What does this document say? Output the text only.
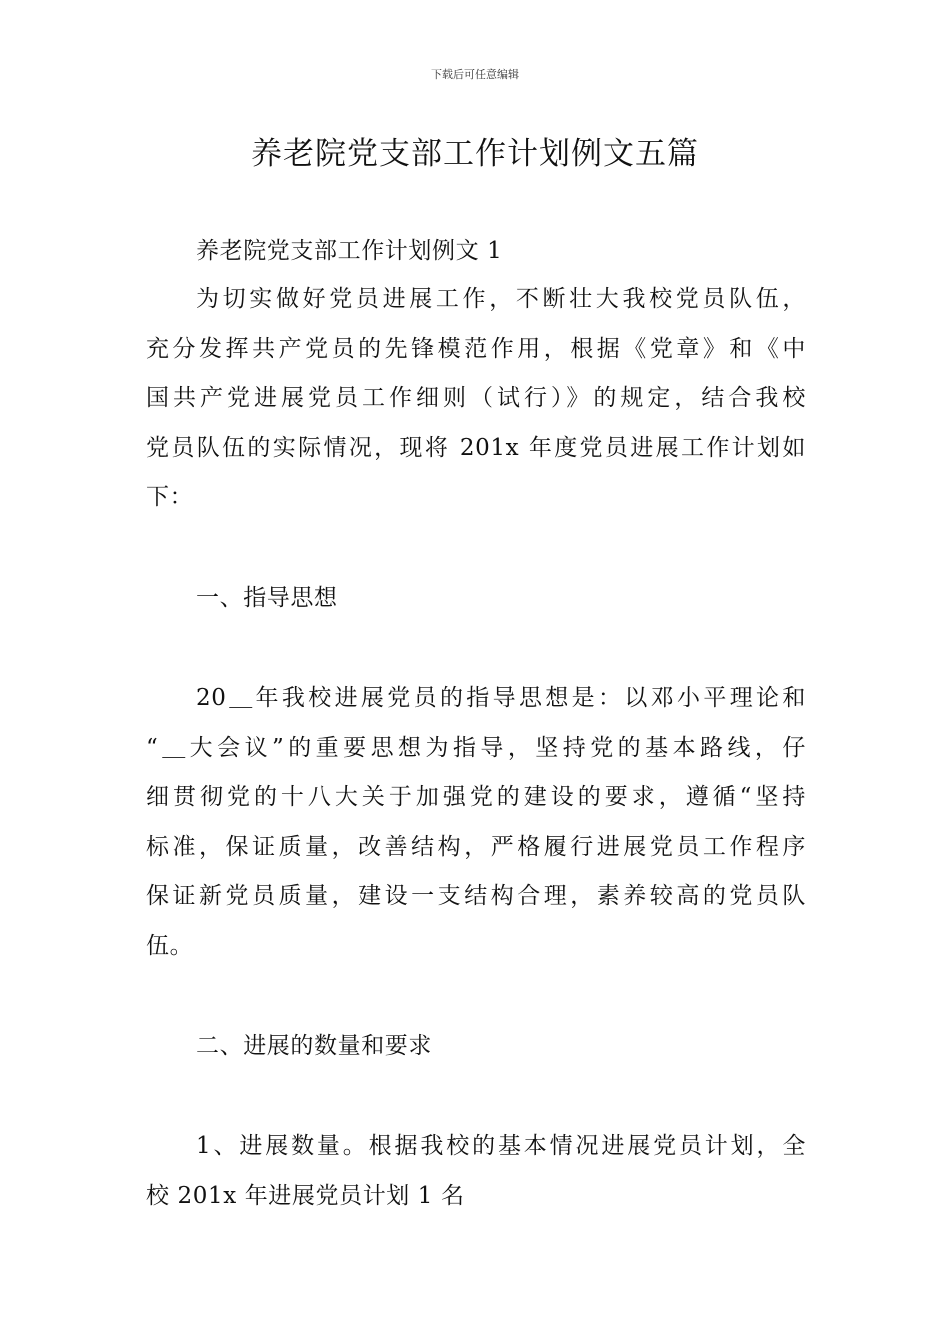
下载后可任意编辑
养老院党支部工作计划例文五篇
养老院党支部工作计划例文 1
为切实做好党员进展工作，不断壮大我校党员队伍，
充分发挥共产党员的先锋模范作用，根据《党章》和《中
国共产党进展党员工作细则（试行）》的规定，结合我校
党员队伍的实际情况，现将 201x 年度党员进展工作计划如
下：
一、指导思想
20＿年我校进展党员的指导思想是：以邓小平理论和
“＿大会议”的重要思想为指导，坚持党的基本路线，仔
细贯彻党的十八大关于加强党的建设的要求，遵循“坚持
标准，保证质量，改善结构，严格履行进展党员工作程序
保证新党员质量，建设一支结构合理，素养较高的党员队
伍。
二、进展的数量和要求
1、进展数量。根据我校的基本情况进展党员计划，全
校 201x 年进展党员计划 1 名
